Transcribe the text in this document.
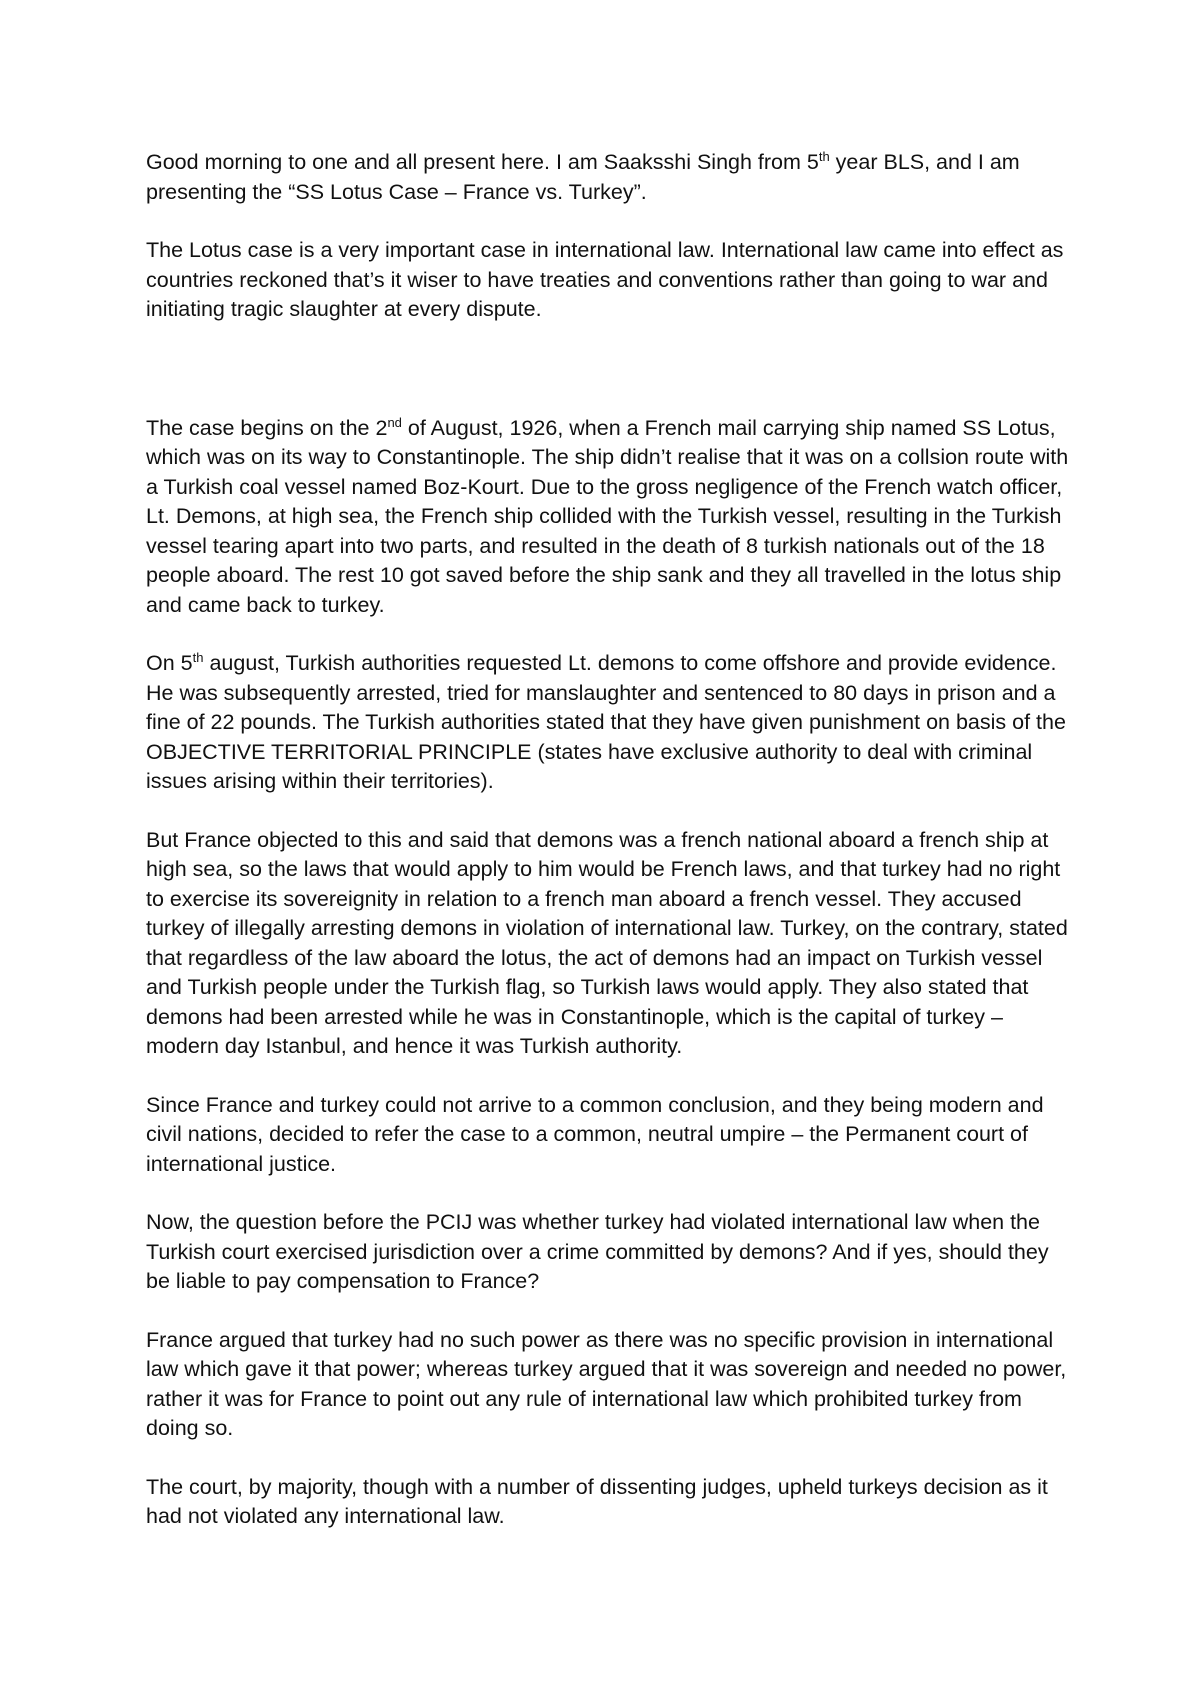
Good morning to one and all present here. I am Saaksshi Singh from 5th year BLS, and I am presenting the “SS Lotus Case – France vs. Turkey”.

The Lotus case is a very important case in international law. International law came into effect as countries reckoned that’s it wiser to have treaties and conventions rather than going to war and initiating tragic slaughter at every dispute.

The case begins on the 2nd of August, 1926, when a French mail carrying ship named SS Lotus, which was on its way to Constantinople. The ship didn’t realise that it was on a collsion route with a Turkish coal vessel named Boz-Kourt. Due to the gross negligence of the French watch officer, Lt. Demons, at high sea, the French ship collided with the Turkish vessel, resulting in the Turkish vessel tearing apart into two parts, and resulted in the death of 8 turkish nationals out of the 18 people aboard. The rest 10 got saved before the ship sank and they all travelled in the lotus ship and came back to turkey.

On 5th august, Turkish authorities requested Lt. demons to come offshore and provide evidence. He was subsequently arrested, tried for manslaughter and sentenced to 80 days in prison and a fine of 22 pounds. The Turkish authorities stated that they have given punishment on basis of the OBJECTIVE TERRITORIAL PRINCIPLE (states have exclusive authority to deal with criminal issues arising within their territories).

But France objected to this and said that demons was a french national aboard a french ship at high sea, so the laws that would apply to him would be French laws, and that turkey had no right to exercise its sovereignity in relation to a french man aboard a french vessel. They accused turkey of illegally arresting demons in violation of international law. Turkey, on the contrary, stated that regardless of the law aboard the lotus, the act of demons had an impact on Turkish vessel and Turkish people under the Turkish flag, so Turkish laws would apply. They also stated that demons had been arrested while he was in Constantinople, which is the capital of turkey – modern day Istanbul, and hence it was Turkish authority.

Since France and turkey could not arrive to a common conclusion, and they being modern and civil nations, decided to refer the case to a common, neutral umpire – the Permanent court of international justice.

Now, the question before the PCIJ was whether turkey had violated international law when the Turkish court exercised jurisdiction over a crime committed by demons? And if yes, should they be liable to pay compensation to France?

France argued that turkey had no such power as there was no specific provision in international law which gave it that power; whereas turkey argued that it was sovereign and needed no power, rather it was for France to point out any rule of international law which prohibited turkey from doing so.

The court, by majority, though with a number of dissenting judges, upheld turkeys decision as it had not violated any international law.
